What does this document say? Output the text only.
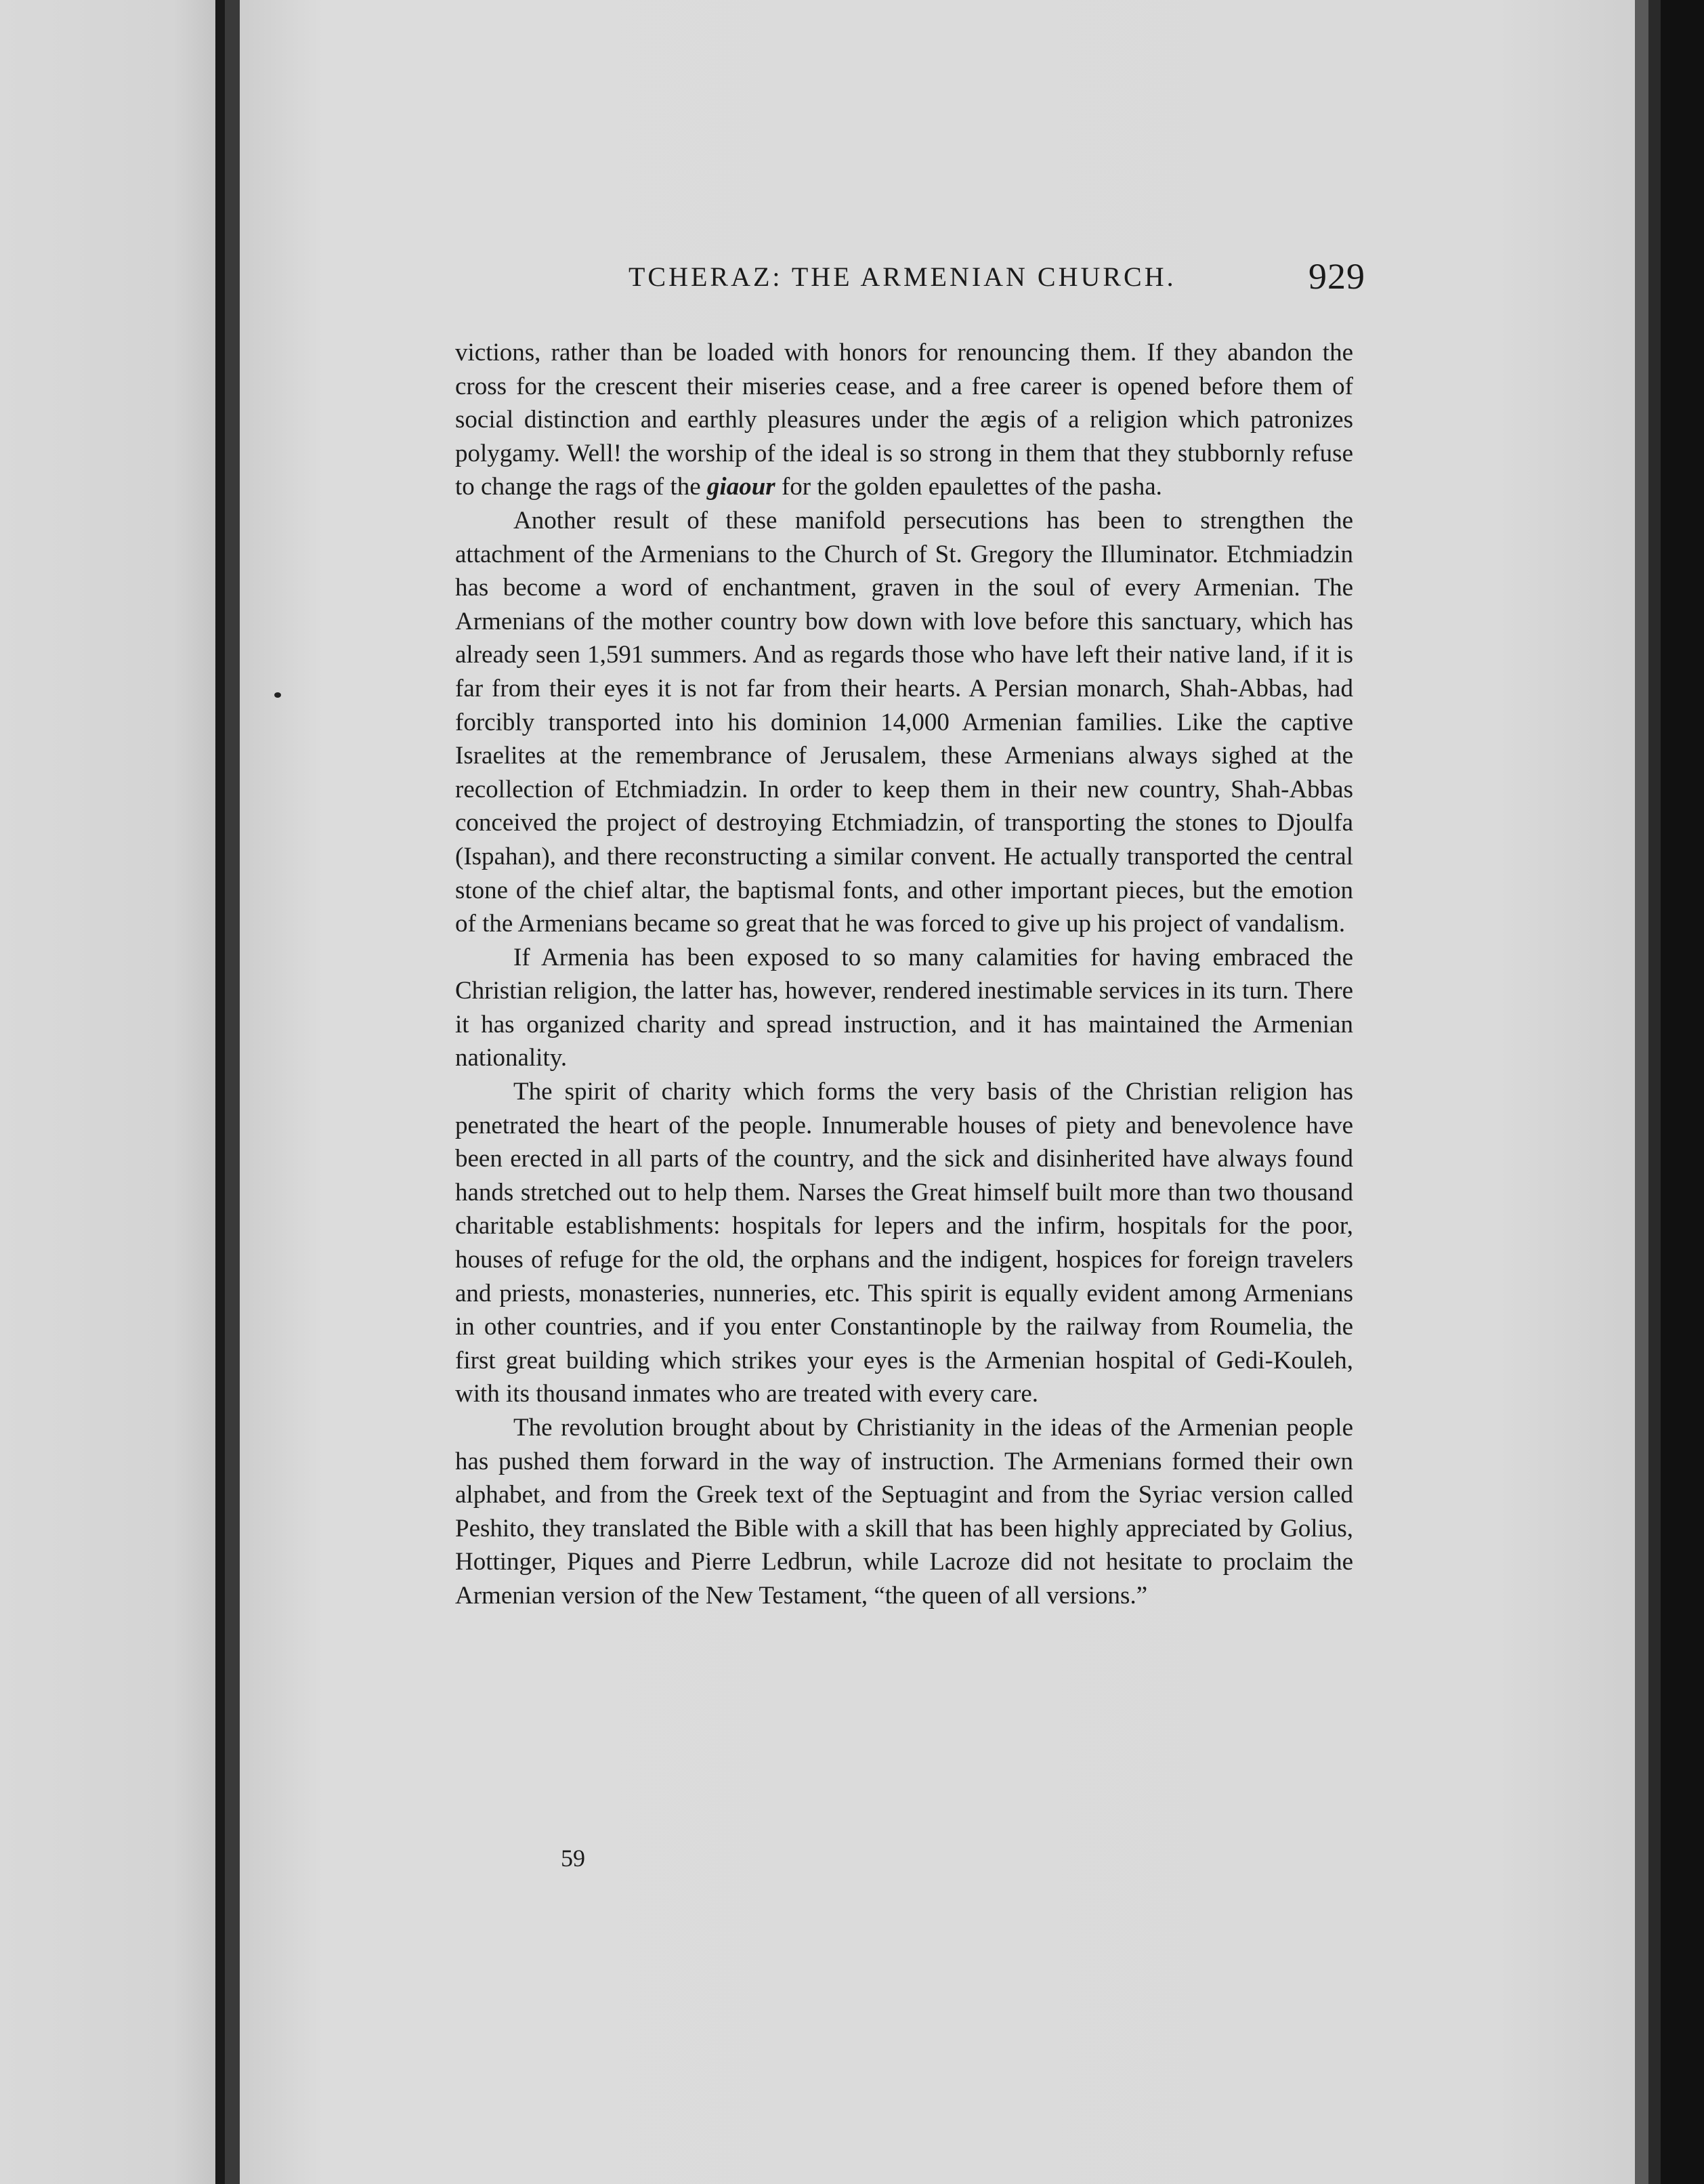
TCHERAZ: THE ARMENIAN CHURCH.	929

victions, rather than be loaded with honors for renouncing them. If they abandon the cross for the crescent their miseries cease, and a free career is opened before them of social distinction and earthly pleasures under the ægis of a religion which patronizes polygamy. Well! the worship of the ideal is so strong in them that they stubbornly refuse to change the rags of the giaour for the golden epaulettes of the pasha.

Another result of these manifold persecutions has been to strengthen the attachment of the Armenians to the Church of St. Gregory the Illuminator. Etchmiadzin has become a word of enchantment, graven in the soul of every Armenian. The Armenians of the mother country bow down with love before this sanctuary, which has already seen 1,591 summers. And as regards those who have left their native land, if it is far from their eyes it is not far from their hearts. A Persian monarch, Shah-Abbas, had forcibly transported into his dominion 14,000 Armenian families. Like the captive Israelites at the remembrance of Jerusalem, these Armenians always sighed at the recollection of Etchmiadzin. In order to keep them in their new country, Shah-Abbas conceived the project of destroying Etchmiadzin, of transporting the stones to Djoulfa (Ispahan), and there reconstructing a similar convent. He actually transported the central stone of the chief altar, the baptismal fonts, and other important pieces, but the emotion of the Armenians became so great that he was forced to give up his project of vandalism.

If Armenia has been exposed to so many calamities for having embraced the Christian religion, the latter has, however, rendered inestimable services in its turn. There it has organized charity and spread instruction, and it has maintained the Armenian nationality.

The spirit of charity which forms the very basis of the Christian religion has penetrated the heart of the people. Innumerable houses of piety and benevolence have been erected in all parts of the country, and the sick and disinherited have always found hands stretched out to help them. Narses the Great himself built more than two thousand charitable establishments: hospitals for lepers and the infirm, hospitals for the poor, houses of refuge for the old, the orphans and the indigent, hospices for foreign travelers and priests, monasteries, nunneries, etc. This spirit is equally evident among Armenians in other countries, and if you enter Constantinople by the railway from Roumelia, the first great building which strikes your eyes is the Armenian hospital of Gedi-Kouleh, with its thousand inmates who are treated with every care.

The revolution brought about by Christianity in the ideas of the Armenian people has pushed them forward in the way of instruction. The Armenians formed their own alphabet, and from the Greek text of the Septuagint and from the Syriac version called Peshito, they translated the Bible with a skill that has been highly appreciated by Golius, Hottinger, Piques and Pierre Ledbrun, while Lacroze did not hesitate to proclaim the Armenian version of the New Testament, “the queen of all versions.”

59
